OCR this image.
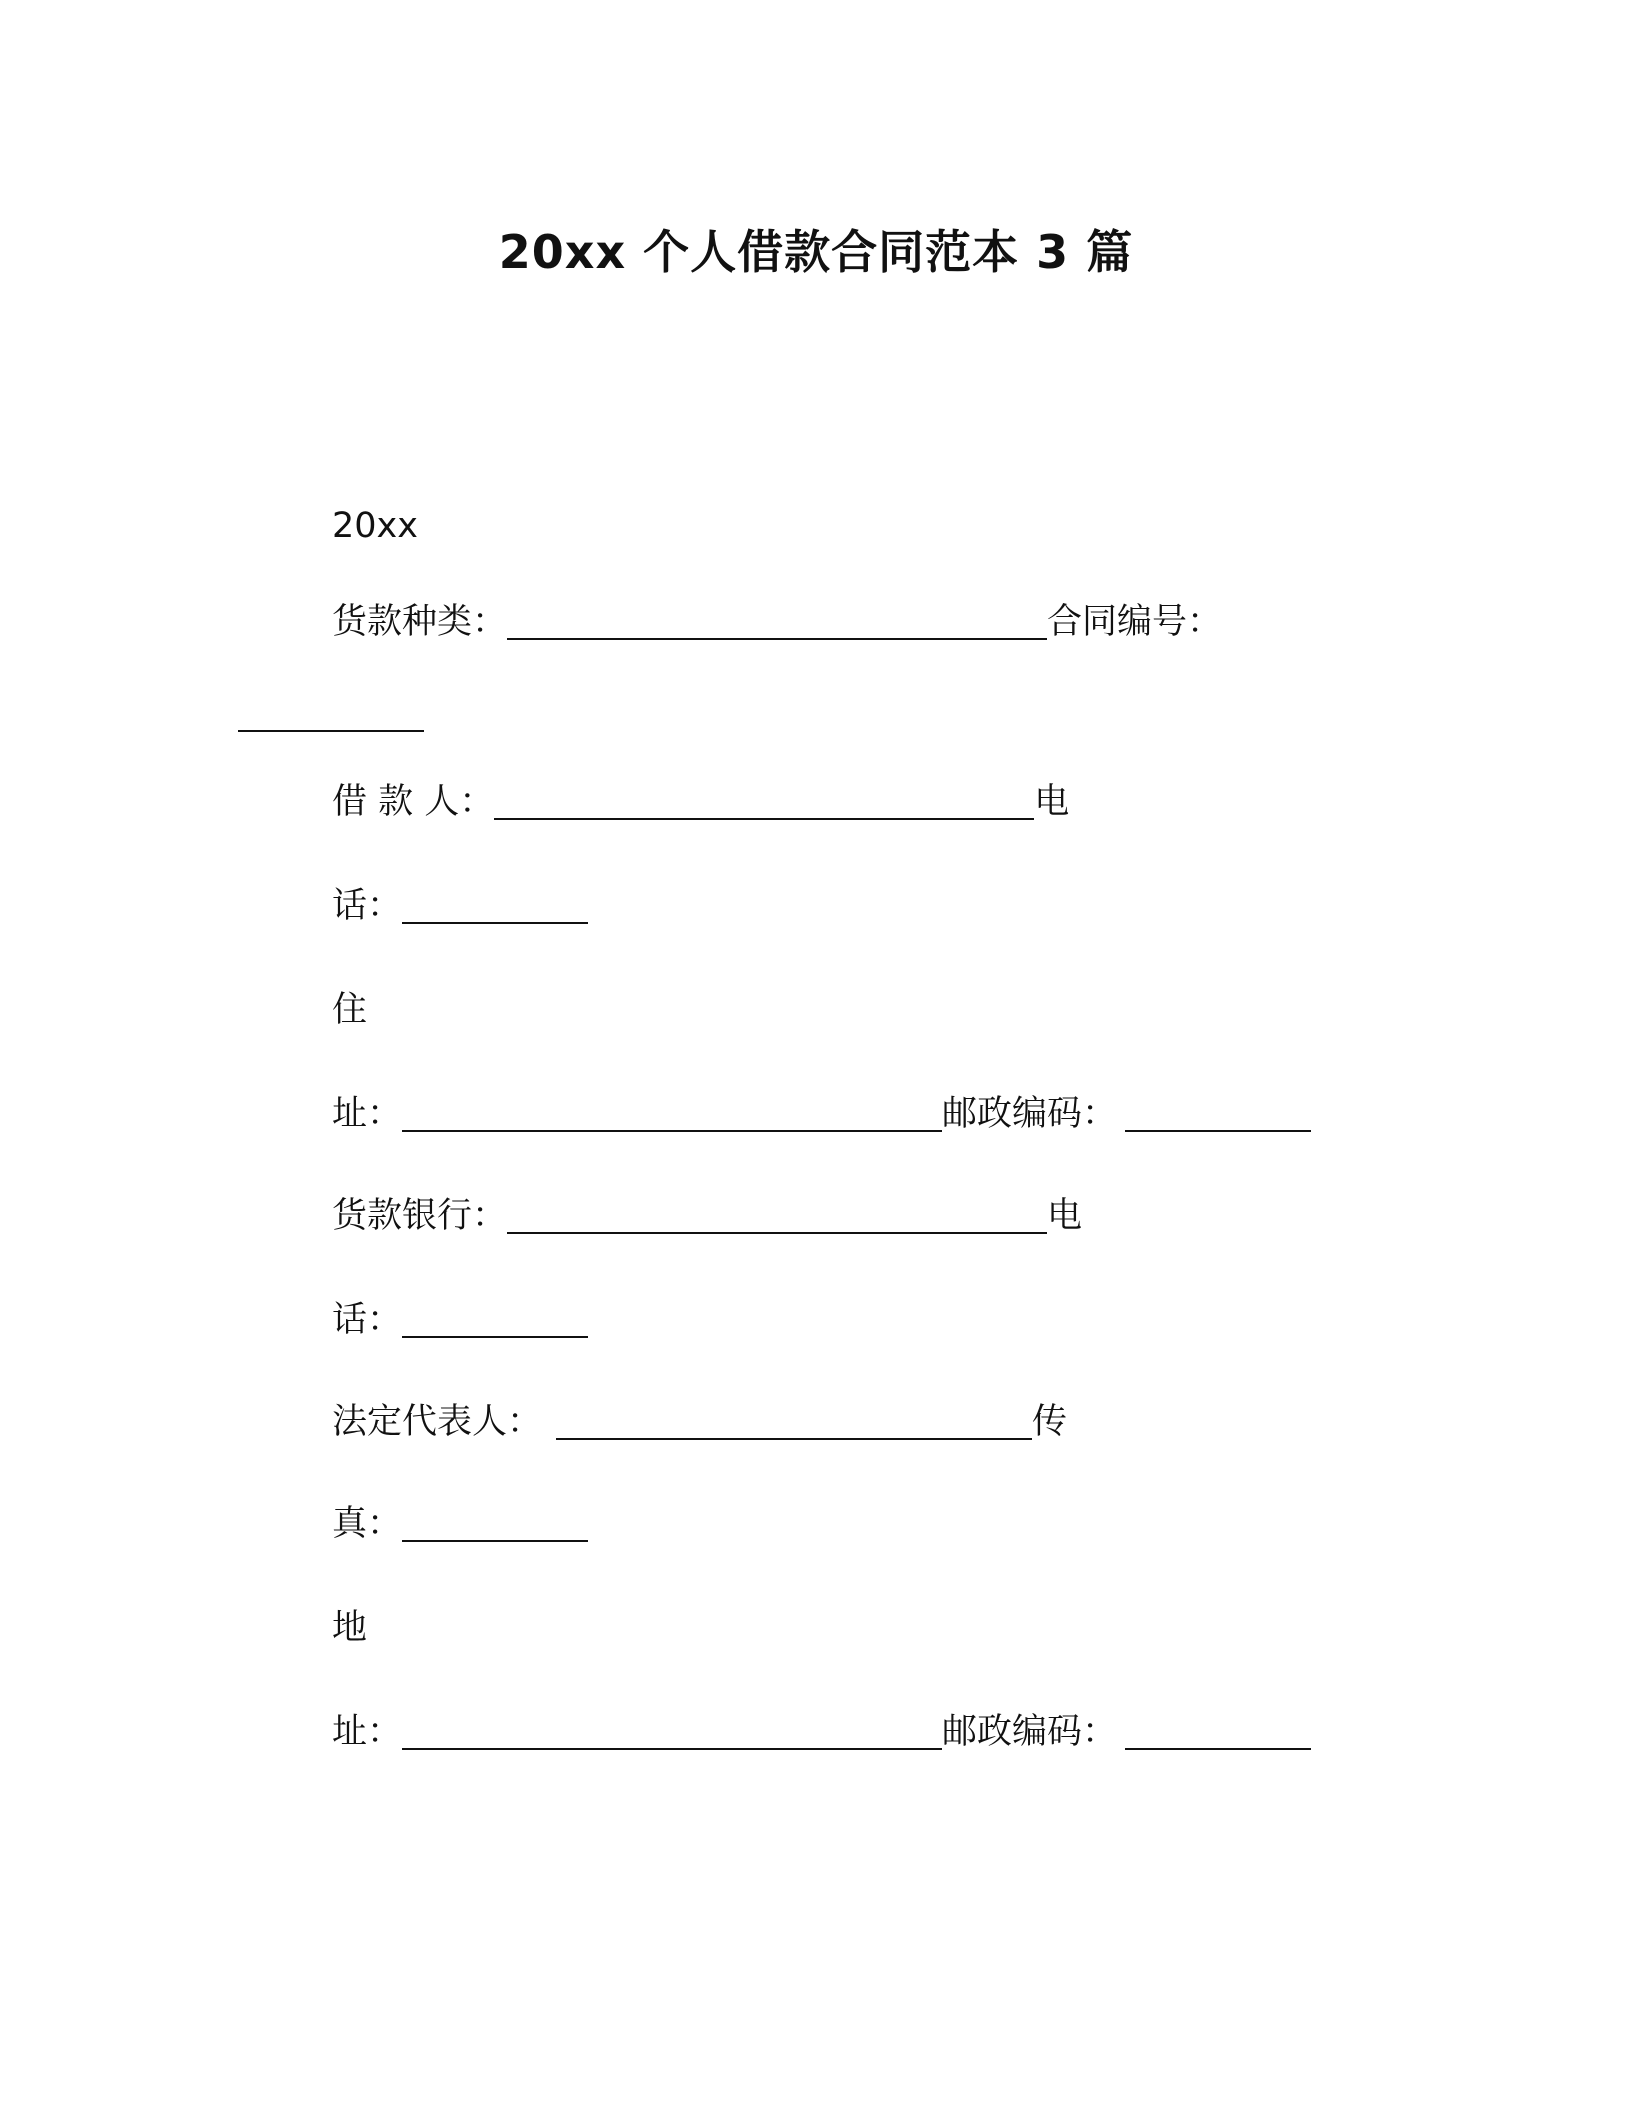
20xx 个人借款合同范本 3 篇
20xx
货款种类：	合同编号：
借 款 人：	电
话：
住
址：	邮政编码：
货款银行：	电
话：
法定代表人：	传
真：
地
址：	邮政编码：
